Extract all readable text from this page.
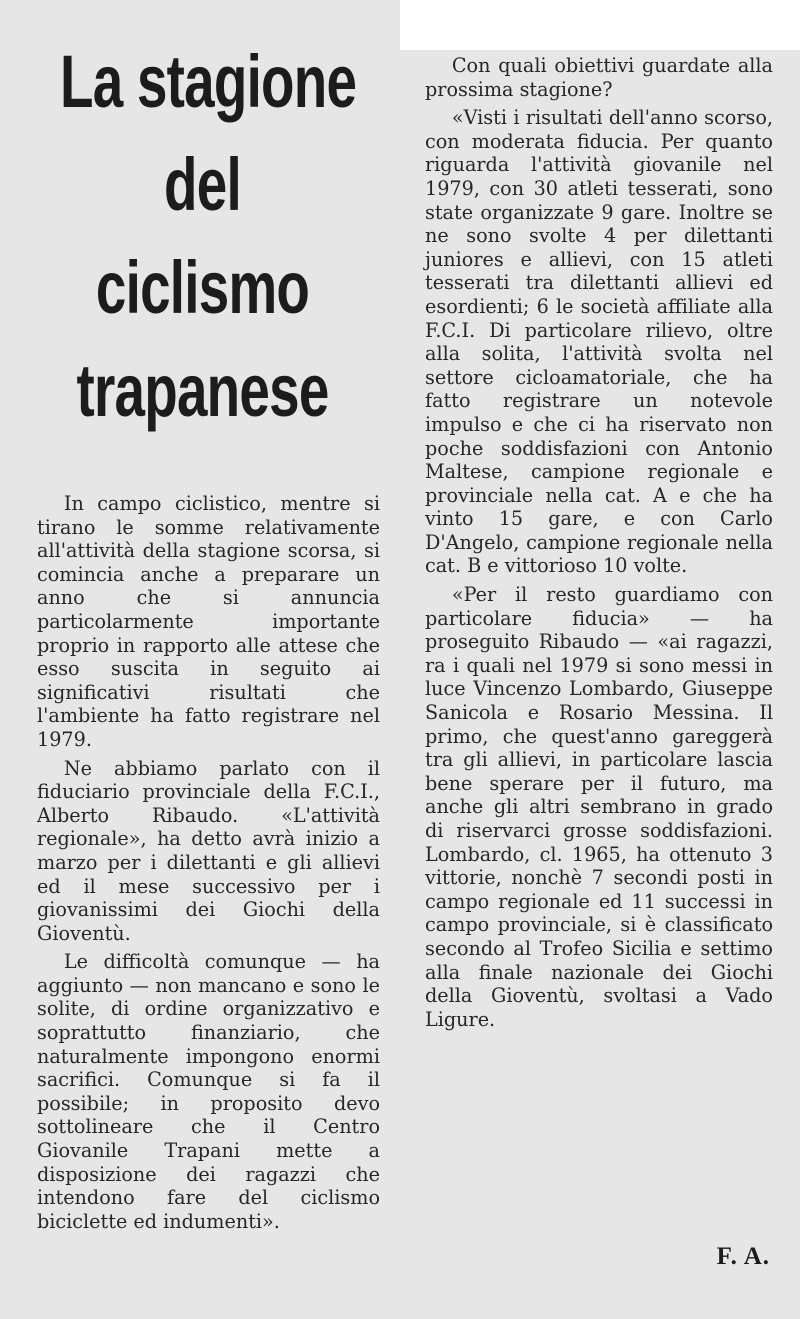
La stagione
del
ciclismo
trapanese

In campo ciclistico, mentre si tirano le somme relativamente all'attività della stagione scorsa, si comincia anche a preparare un anno che si annuncia particolarmente importante proprio in rapporto alle attese che esso suscita in seguito ai significativi risultati che l'ambiente ha fatto registrare nel 1979.

Ne abbiamo parlato con il fiduciario provinciale della F.C.I., Alberto Ribaudo. «L'attività regionale», ha detto avrà inizio a marzo per i dilettanti e gli allievi ed il mese successivo per i giovanissimi dei Giochi della Gioventù.

Le difficoltà comunque — ha aggiunto — non mancano e sono le solite, di ordine organizzativo e soprattutto finanziario, che naturalmente impongono enormi sacrifici. Comunque si fa il possibile; in proposito devo sottolineare che il Centro Giovanile Trapani mette a disposizione dei ragazzi che intendono fare del ciclismo biciclette ed indumenti».

Con quali obiettivi guardate alla prossima stagione?

«Visti i risultati dell'anno scorso, con moderata fiducia. Per quanto riguarda l'attività giovanile nel 1979, con 30 atleti tesserati, sono state organizzate 9 gare. Inoltre se ne sono svolte 4 per dilettanti juniores e allievi, con 15 atleti tesserati tra dilettanti allievi ed esordienti; 6 le società affiliate alla F.C.I. Di particolare rilievo, oltre alla solita, l'attività svolta nel settore cicloamatoriale, che ha fatto registrare un notevole impulso e che ci ha riservato non poche soddisfazioni con Antonio Maltese, campione regionale e provinciale nella cat. A e che ha vinto 15 gare, e con Carlo D'Angelo, campione regionale nella cat. B e vittorioso 10 volte.

«Per il resto guardiamo con particolare fiducia» — ha proseguito Ribaudo — «ai ragazzi, ra i quali nel 1979 si sono messi in luce Vincenzo Lombardo, Giuseppe Sanicola e Rosario Messina. Il primo, che quest'anno gareggerà tra gli allievi, in particolare lascia bene sperare per il futuro, ma anche gli altri sembrano in grado di riservarci grosse soddisfazioni. Lombardo, cl. 1965, ha ottenuto 3 vittorie, nonchè 7 secondi posti in campo regionale ed 11 successi in campo provinciale, si è classificato secondo al Trofeo Sicilia e settimo alla finale nazionale dei Giochi della Gioventù, svoltasi a Vado Ligure.

F. A.
